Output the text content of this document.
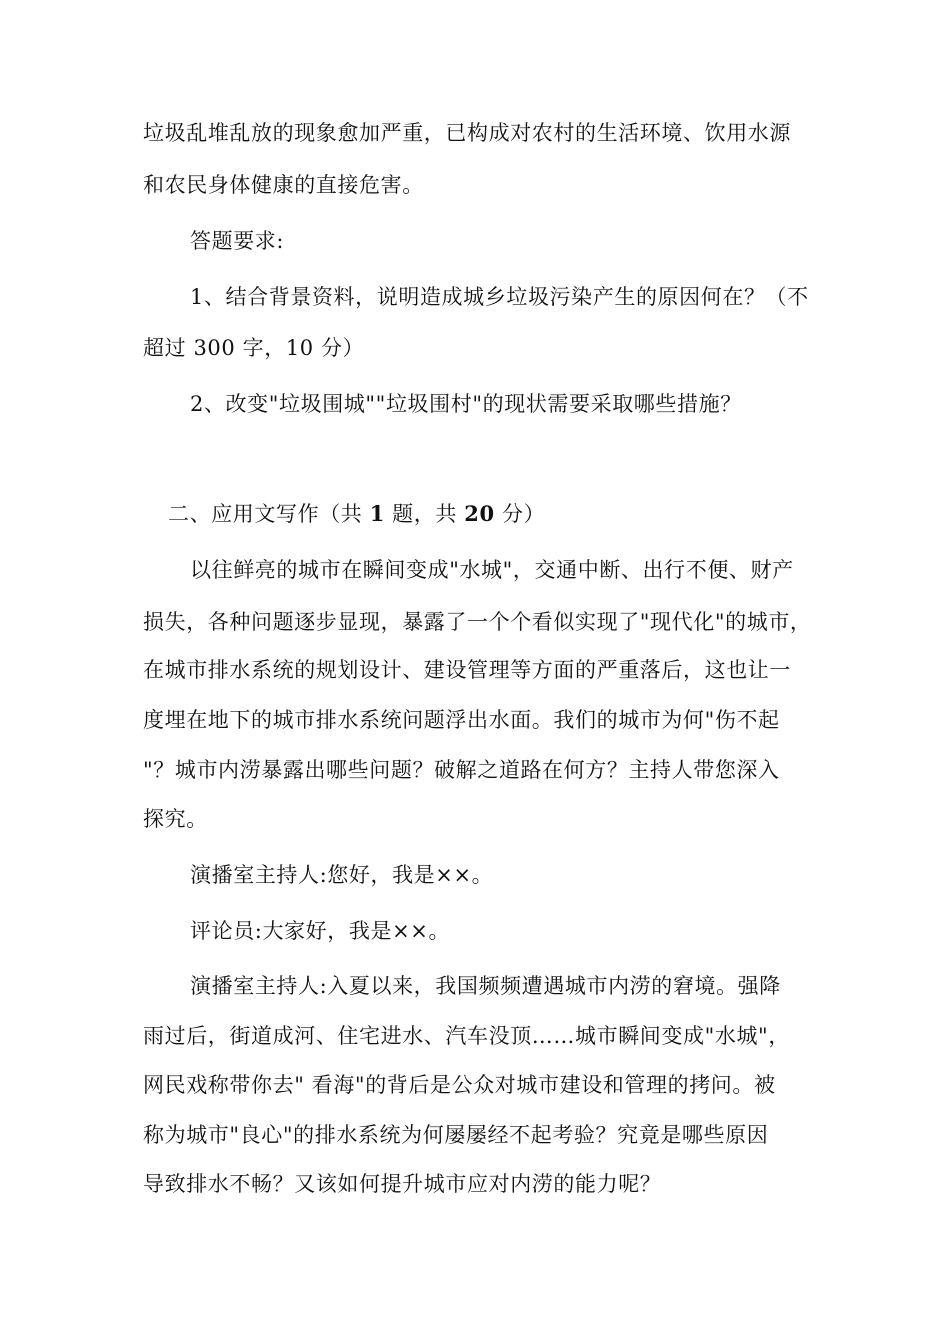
垃圾乱堆乱放的现象愈加严重，已构成对农村的生活环境、饮用水源
和农民身体健康的直接危害。
答题要求:
1、结合背景资料，说明造成城乡垃圾污染产生的原因何在？（不
超过 300 字，10 分）
2、改变"垃圾围城""垃圾围村"的现状需要采取哪些措施？
二、应用文写作（共 1 题，共 20 分）
以往鲜亮的城市在瞬间变成"水城"，交通中断、出行不便、财产
损失，各种问题逐步显现，暴露了一个个看似实现了"现代化"的城市，
在城市排水系统的规划设计、建设管理等方面的严重落后，这也让一
度埋在地下的城市排水系统问题浮出水面。我们的城市为何"伤不起
"？城市内涝暴露出哪些问题？破解之道路在何方？主持人带您深入
探究。
演播室主持人:您好，我是××。
评论员:大家好，我是××。
演播室主持人:入夏以来，我国频频遭遇城市内涝的窘境。强降
雨过后，街道成河、住宅进水、汽车没顶……城市瞬间变成"水城"，
网民戏称带你去" 看海"的背后是公众对城市建设和管理的拷问。被
称为城市"良心"的排水系统为何屡屡经不起考验？究竟是哪些原因
导致排水不畅？又该如何提升城市应对内涝的能力呢？
